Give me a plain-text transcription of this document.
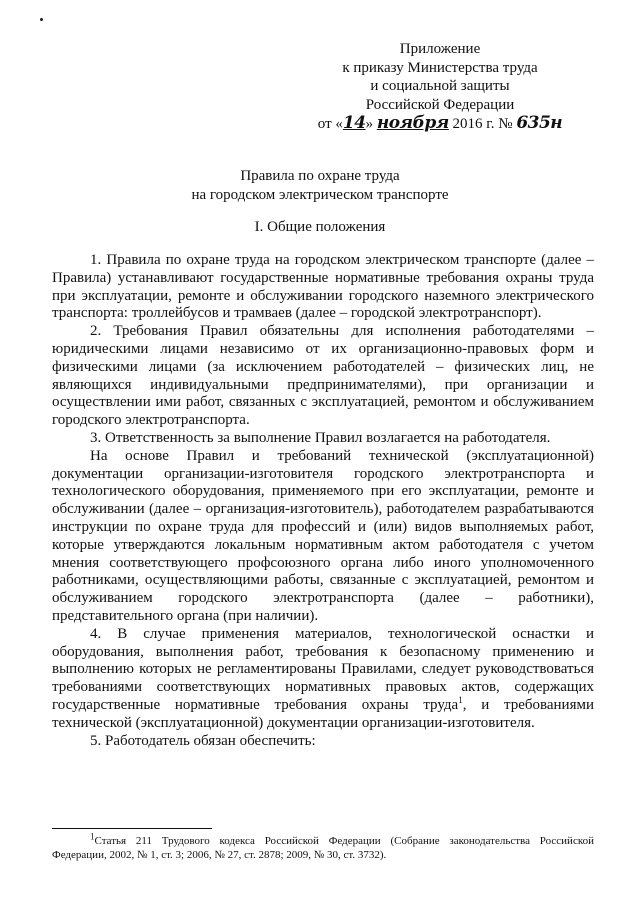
Приложение
к приказу Министерства труда
и социальной защиты
Российской Федерации
от «14» ноября 2016 г. № 635н
Правила по охране труда
на городском электрическом транспорте
I. Общие положения

1. Правила по охране труда на городском электрическом транспорте (далее – Правила) устанавливают государственные нормативные требования охраны труда при эксплуатации, ремонте и обслуживании городского наземного электрического транспорта: троллейбусов и трамваев (далее – городской электротранспорт).

2. Требования Правил обязательны для исполнения работодателями – юридическими лицами независимо от их организационно-правовых форм и физическими лицами (за исключением работодателей – физических лиц, не являющихся индивидуальными предпринимателями), при организации и осуществлении ими работ, связанных с эксплуатацией, ремонтом и обслуживанием городского электротранспорта.

3. Ответственность за выполнение Правил возлагается на работодателя.

На основе Правил и требований технической (эксплуатационной) документации организации-изготовителя городского электротранспорта и технологического оборудования, применяемого при его эксплуатации, ремонте и обслуживании (далее – организация-изготовитель), работодателем разрабатываются инструкции по охране труда для профессий и (или) видов выполняемых работ, которые утверждаются локальным нормативным актом работодателя с учетом мнения соответствующего профсоюзного органа либо иного уполномоченного работниками, осуществляющими работы, связанные с эксплуатацией, ремонтом и обслуживанием городского электротранспорта (далее – работники), представительного органа (при наличии).

4. В случае применения материалов, технологической оснастки и оборудования, выполнения работ, требования к безопасному применению и выполнению которых не регламентированы Правилами, следует руководствоваться требованиями соответствующих нормативных правовых актов, содержащих государственные нормативные требования охраны труда$^1$, и требованиями технической (эксплуатационной) документации организации-изготовителя.

5. Работодатель обязан обеспечить:

$^1$Статья 211 Трудового кодекса Российской Федерации (Собрание законодательства Российской Федерации, 2002, № 1, ст. 3; 2006, № 27, ст. 2878; 2009, № 30, ст. 3732).
